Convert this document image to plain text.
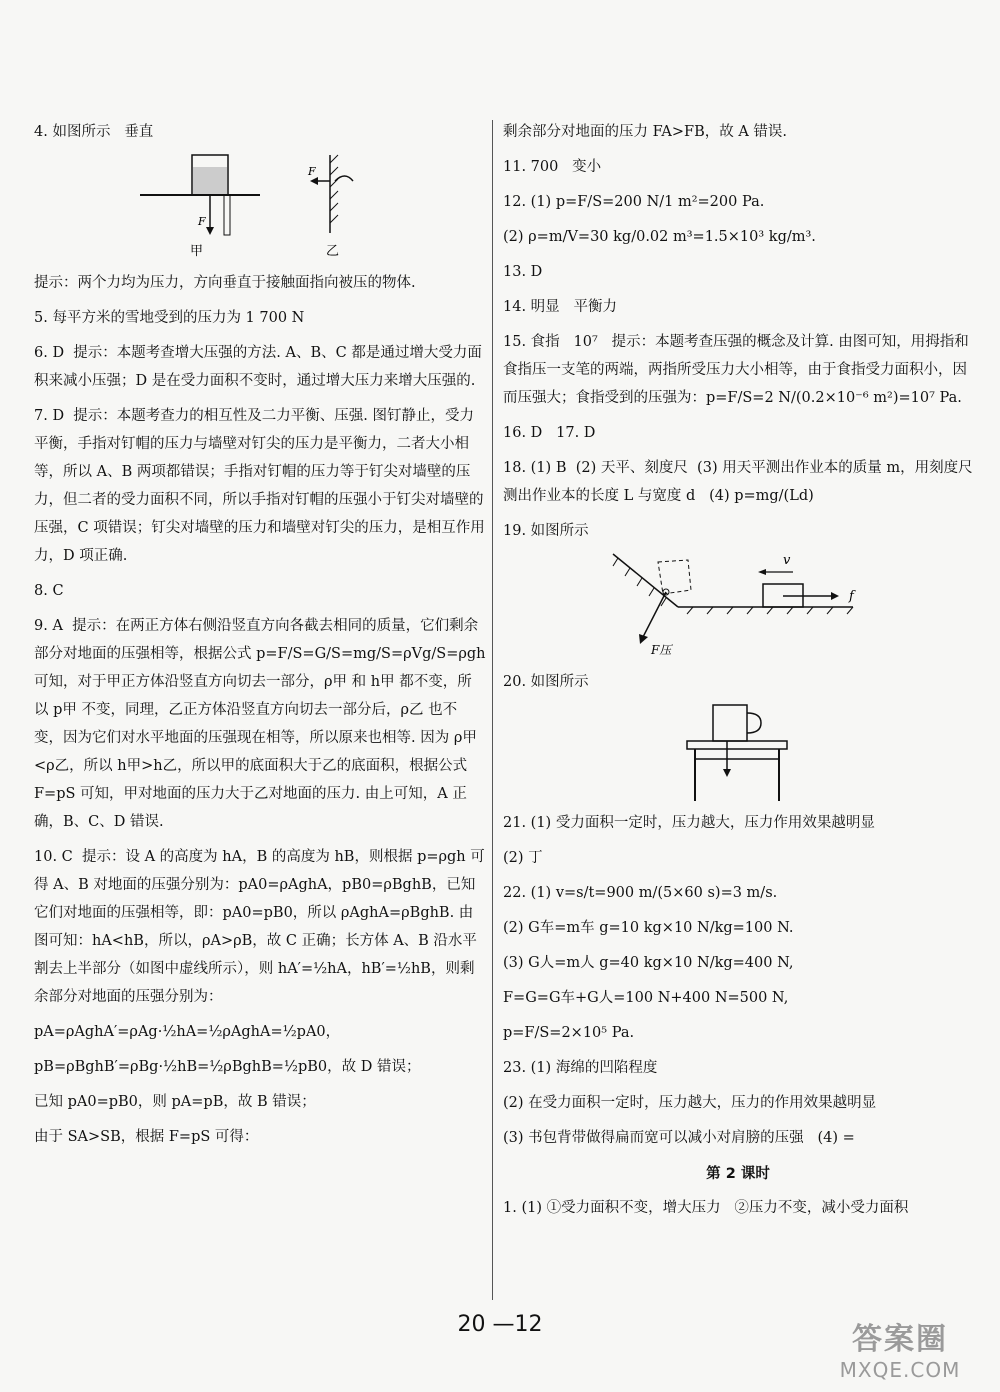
4. 如图所示   垂直
F
甲
F
乙
提示：两个力均为压力，方向垂直于接触面指向被压的物体.
5. 每平方米的雪地受到的压力为 1 700 N
6. D  提示：本题考查增大压强的方法. A、B、C 都是通过增大受力面积来减小压强；D 是在受力面积不变时，通过增大压力来增大压强的.
7. D  提示：本题考查力的相互性及二力平衡、压强. 图钉静止，受力平衡，手指对钉帽的压力与墙壁对钉尖的压力是平衡力，二者大小相等，所以 A、B 两项都错误；手指对钉帽的压力等于钉尖对墙壁的压力，但二者的受力面积不同，所以手指对钉帽的压强小于钉尖对墙壁的压强，C 项错误；钉尖对墙壁的压力和墙壁对钉尖的压力，是相互作用力，D 项正确.
8. C
9. A  提示：在两正方体右侧沿竖直方向各截去相同的质量，它们剩余部分对地面的压强相等，根据公式 p=F/S=G/S=mg/S=ρVg/S=ρgh 可知，对于甲正方体沿竖直方向切去一部分，ρ甲 和 h甲 都不变，所以 p甲 不变，同理，乙正方体沿竖直方向切去一部分后，ρ乙 也不变，因为它们对水平地面的压强现在相等，所以原来也相等. 因为 ρ甲<ρ乙，所以 h甲>h乙，所以甲的底面积大于乙的底面积，根据公式 F=pS 可知，甲对地面的压力大于乙对地面的压力. 由上可知，A 正确，B、C、D 错误.
10. C  提示：设 A 的高度为 hA，B 的高度为 hB，则根据 p=ρgh 可得 A、B 对地面的压强分别为：pA0=ρAghA，pB0=ρBghB，已知它们对地面的压强相等，即：pA0=pB0，所以 ρAghA=ρBghB. 由图可知：hA<hB，所以，ρA>ρB，故 C 正确；长方体 A、B 沿水平割去上半部分（如图中虚线所示），则 hA′=½hA，hB′=½hB，则剩余部分对地面的压强分别为：
pA=ρAghA′=ρAg·½hA=½ρAghA=½pA0，
pB=ρBghB′=ρBg·½hB=½ρBghB=½pB0，故 D 错误；
已知 pA0=pB0，则 pA=pB，故 B 错误；
由于 SA>SB，根据 F=pS 可得：
剩余部分对地面的压力 FA>FB，故 A 错误.
11. 700   变小
12. (1) p=F/S=200 N/1 m²=200 Pa.
(2) ρ=m/V=30 kg/0.02 m³=1.5×10³ kg/m³.
13. D
14. 明显   平衡力
15. 食指   10⁷   提示：本题考查压强的概念及计算. 由图可知，用拇指和食指压一支笔的两端，两指所受压力大小相等，由于食指受力面积小，因而压强大；食指受到的压强为：p=F/S=2 N/(0.2×10⁻⁶ m²)=10⁷ Pa.
16. D   17. D
18. (1) B  (2) 天平、刻度尺  (3) 用天平测出作业本的质量 m，用刻度尺测出作业本的长度 L 与宽度 d   (4) p=mg/(Ld)
19. 如图所示
F压
f
v
20. 如图所示
21. (1) 受力面积一定时，压力越大，压力作用效果越明显
(2) 丁
22. (1) v=s/t=900 m/(5×60 s)=3 m/s.
(2) G车=m车 g=10 kg×10 N/kg=100 N.
(3) G人=m人 g=40 kg×10 N/kg=400 N,
F=G=G车+G人=100 N+400 N=500 N,
p=F/S=2×10⁵ Pa.
23. (1) 海绵的凹陷程度
(2) 在受力面积一定时，压力越大，压力的作用效果越明显
(3) 书包背带做得扁而宽可以减小对肩膀的压强   (4) =
第 2 课时
1. (1) ①受力面积不变，增大压力   ②压力不变，减小受力面积
20 —12	答案圈
MXQE.COM
